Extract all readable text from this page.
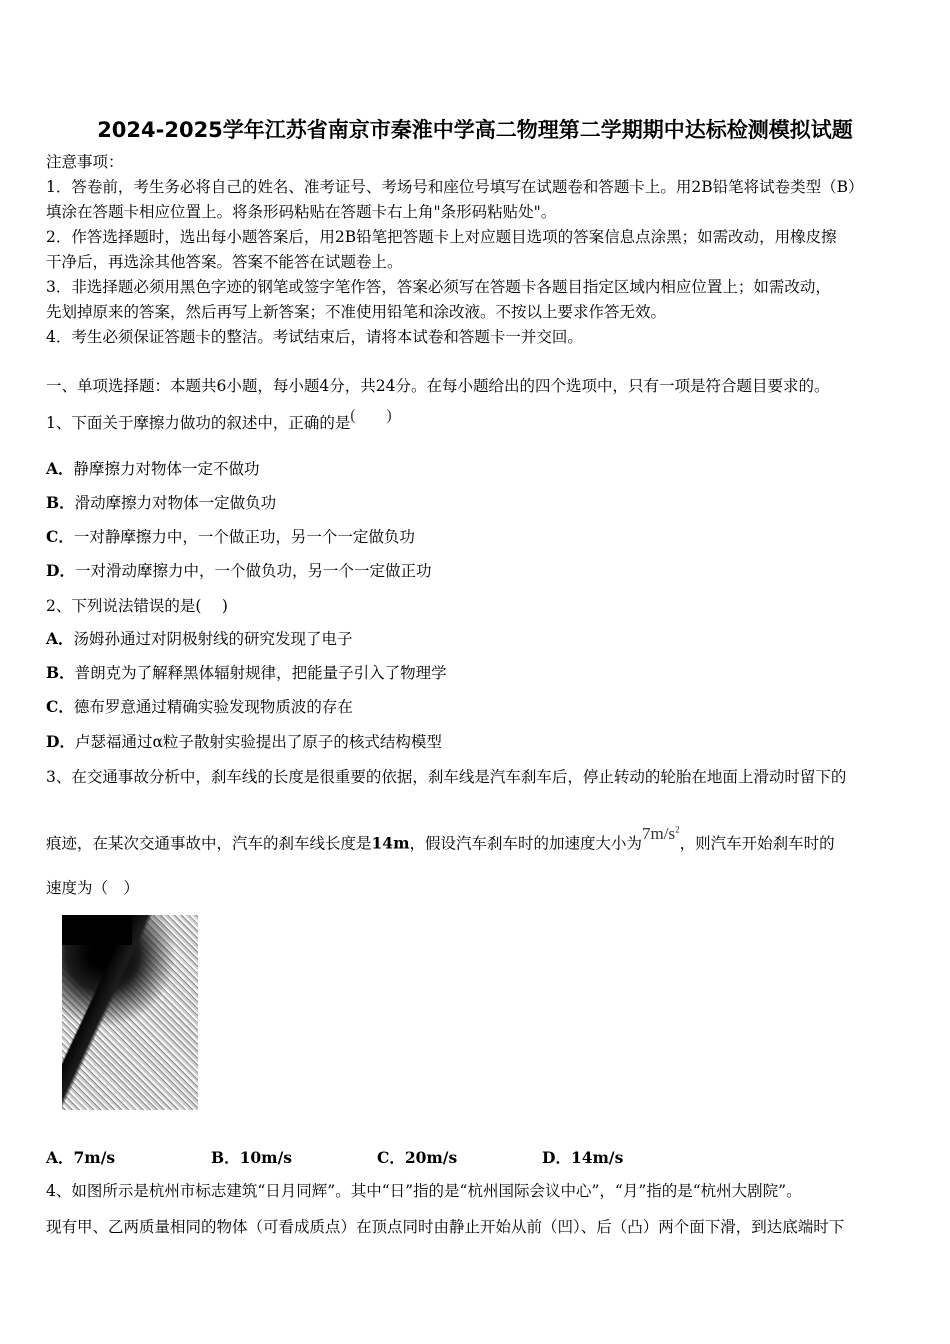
2024-2025学年江苏省南京市秦淮中学高二物理第二学期期中达标检测模拟试题
注意事项：
1．答卷前，考生务必将自己的姓名、准考证号、考场号和座位号填写在试题卷和答题卡上。用2B铅笔将试卷类型（B）
填涂在答题卡相应位置上。将条形码粘贴在答题卡右上角"条形码粘贴处"。
2．作答选择题时，选出每小题答案后，用2B铅笔把答题卡上对应题目选项的答案信息点涂黑；如需改动，用橡皮擦
干净后，再选涂其他答案。答案不能答在试题卷上。
3．非选择题必须用黑色字迹的钢笔或签字笔作答，答案必须写在答题卡各题目指定区域内相应位置上；如需改动，
先划掉原来的答案，然后再写上新答案；不准使用铅笔和涂改液。不按以上要求作答无效。
4．考生必须保证答题卡的整洁。考试结束后，请将本试卷和答题卡一并交回。
一、单项选择题：本题共6小题，每小题4分，共24分。在每小题给出的四个选项中，只有一项是符合题目要求的。
1、下面关于摩擦力做功的叙述中，正确的是(　　)
A．静摩擦力对物体一定不做功
B．滑动摩擦力对物体一定做负功
C．一对静摩擦力中，一个做正功，另一个一定做负功
D．一对滑动摩擦力中，一个做负功，另一个一定做正功
2、下列说法错误的是(　 )
A．汤姆孙通过对阴极射线的研究发现了电子
B．普朗克为了解释黑体辐射规律，把能量子引入了物理学
C．德布罗意通过精确实验发现物质波的存在
D．卢瑟福通过α粒子散射实验提出了原子的核式结构模型
3、在交通事故分析中，刹车线的长度是很重要的依据，刹车线是汽车刹车后，停止转动的轮胎在地面上滑动时留下的
痕迹，在某次交通事故中，汽车的刹车线长度是14m，假设汽车刹车时的加速度大小为$7m/s^2$，则汽车开始刹车时的
速度为（　）
A．7m/s	B．10m/s	C．20m/s	D．14m/s
4、如图所示是杭州市标志建筑“日月同辉”。其中“日”指的是“杭州国际会议中心”，“月”指的是“杭州大剧院”。
现有甲、乙两质量相同的物体（可看成质点）在顶点同时由静止开始从前（凹）、后（凸）两个面下滑，到达底端时下
